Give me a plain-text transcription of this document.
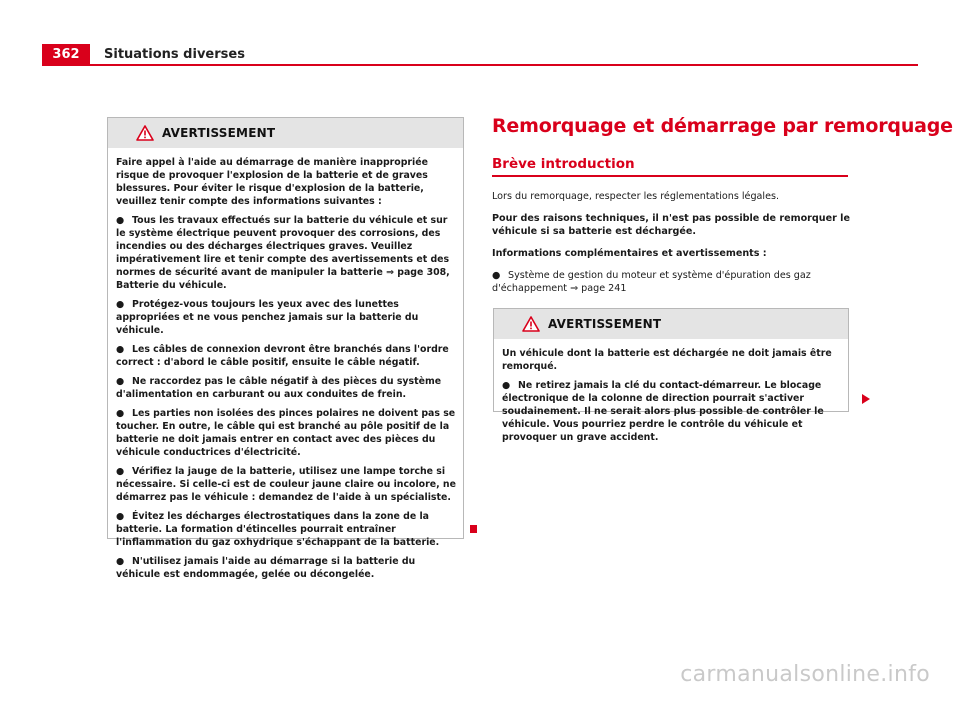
362	Situations diverses
AVERTISSEMENT

Faire appel à l'aide au démarrage de manière inappropriée risque de provoquer l'explosion de la batterie et de graves blessures. Pour éviter le risque d'explosion de la batterie, veuillez tenir compte des informations suivantes :

● Tous les travaux effectués sur la batterie du véhicule et sur le système électrique peuvent provoquer des corrosions, des incendies ou des décharges électriques graves. Veuillez impérativement lire et tenir compte des avertissements et des normes de sécurité avant de manipuler la batterie ⇒ page 308, Batterie du véhicule.

● Protégez-vous toujours les yeux avec des lunettes appropriées et ne vous penchez jamais sur la batterie du véhicule.

● Les câbles de connexion devront être branchés dans l'ordre correct : d'abord le câble positif, ensuite le câble négatif.

● Ne raccordez pas le câble négatif à des pièces du système d'alimentation en carburant ou aux conduites de frein.

● Les parties non isolées des pinces polaires ne doivent pas se toucher. En outre, le câble qui est branché au pôle positif de la batterie ne doit jamais entrer en contact avec des pièces du véhicule conductrices d'électricité.

● Vérifiez la jauge de la batterie, utilisez une lampe torche si nécessaire. Si celle-ci est de couleur jaune claire ou incolore, ne démarrez pas le véhicule : demandez de l'aide à un spécialiste.

● Évitez les décharges électrostatiques dans la zone de la batterie. La formation d'étincelles pourrait entraîner l'inflammation du gaz oxhydrique s'échappant de la batterie.

● N'utilisez jamais l'aide au démarrage si la batterie du véhicule est endommagée, gelée ou décongelée.

Remorquage et démarrage par remorquage
Brève introduction

Lors du remorquage, respecter les réglementations légales.

Pour des raisons techniques, il n'est pas possible de remorquer le véhicule si sa batterie est déchargée.

Informations complémentaires et avertissements :

● Système de gestion du moteur et système d'épuration des gaz d'échappement ⇒ page 241

AVERTISSEMENT

Un véhicule dont la batterie est déchargée ne doit jamais être remorqué.

● Ne retirez jamais la clé du contact-démarreur. Le blocage électronique de la colonne de direction pourrait s'activer soudainement. Il ne serait alors plus possible de contrôler le véhicule. Vous pourriez perdre le contrôle du véhicule et provoquer un grave accident.

carmanualsonline.info
